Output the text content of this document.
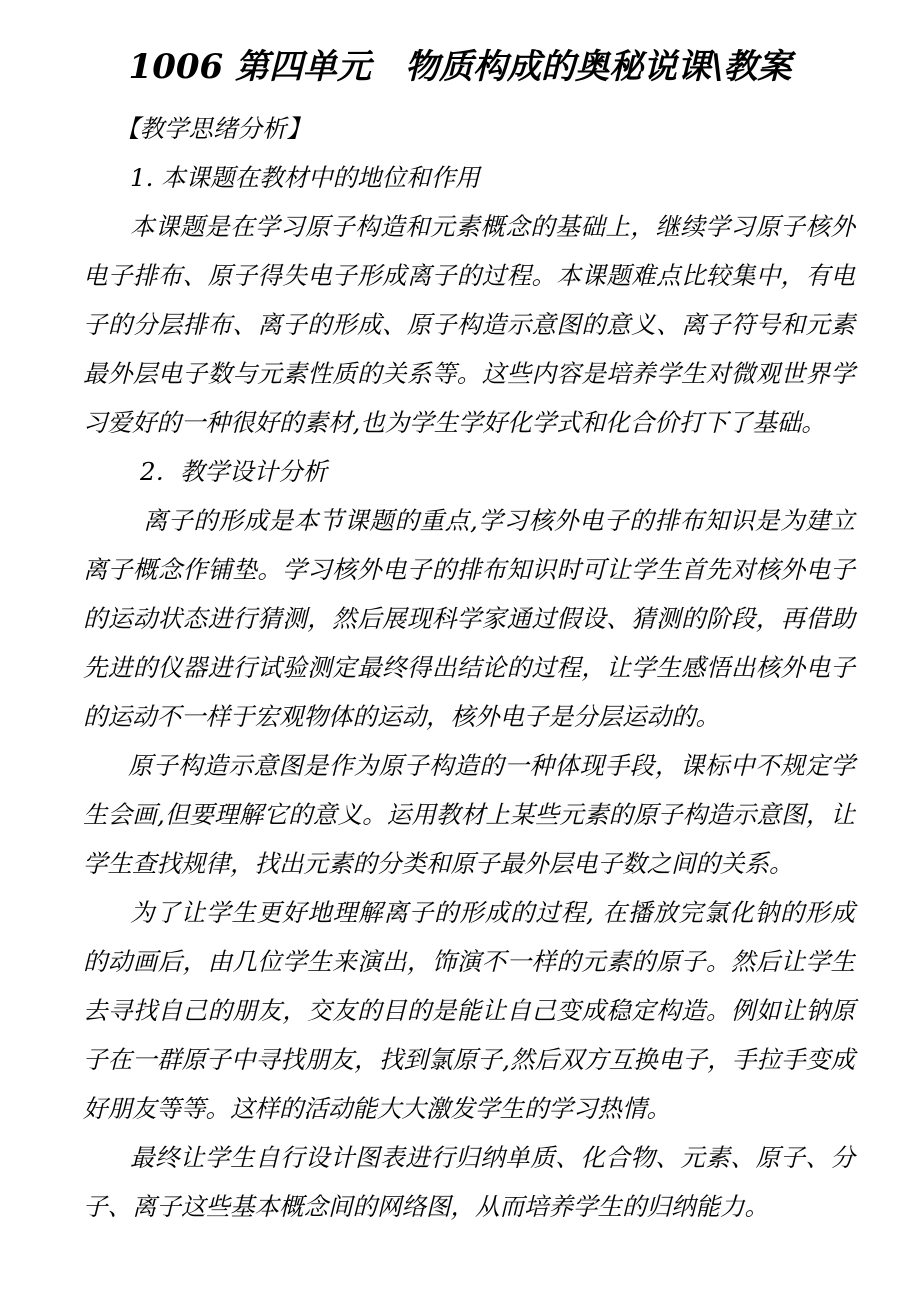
1006 第四单元　物质构成的奥秘说课\教案
【教学思绪分析】
1. 本课题在教材中的地位和作用
本课题是在学习原子构造和元素概念的基础上，继续学习原子核外
电子排布、原子得失电子形成离子的过程。本课题难点比较集中，有电
子的分层排布、离子的形成、原子构造示意图的意义、离子符号和元素
最外层电子数与元素性质的关系等。这些内容是培养学生对微观世界学
习爱好的一种很好的素材,也为学生学好化学式和化合价打下了基础。
2．教学设计分析
离子的形成是本节课题的重点,学习核外电子的排布知识是为建立
离子概念作铺垫。学习核外电子的排布知识时可让学生首先对核外电子
的运动状态进行猜测，然后展现科学家通过假设、猜测的阶段，再借助
先进的仪器进行试验测定最终得出结论的过程，让学生感悟出核外电子
的运动不一样于宏观物体的运动，核外电子是分层运动的。
原子构造示意图是作为原子构造的一种体现手段，课标中不规定学
生会画,但要理解它的意义。运用教材上某些元素的原子构造示意图，让
学生查找规律，找出元素的分类和原子最外层电子数之间的关系。
为了让学生更好地理解离子的形成的过程, 在播放完氯化钠的形成
的动画后，由几位学生来演出，饰演不一样的元素的原子。然后让学生
去寻找自己的朋友，交友的目的是能让自己变成稳定构造。例如让钠原
子在一群原子中寻找朋友，找到氯原子,然后双方互换电子，手拉手变成
好朋友等等。这样的活动能大大激发学生的学习热情。
最终让学生自行设计图表进行归纳单质、化合物、元素、原子、分
子、离子这些基本概念间的网络图，从而培养学生的归纳能力。
